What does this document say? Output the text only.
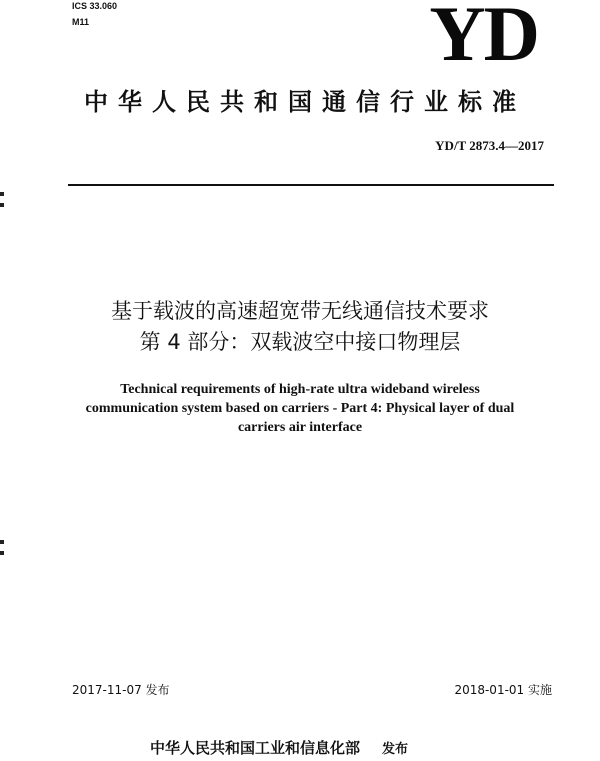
ICS 33.060
M11	YD
中华人民共和国通信行业标准
YD/T 2873.4—2017
基于载波的高速超宽带无线通信技术要求
第 4 部分：双载波空中接口物理层
Technical requirements of high-rate ultra wideband wireless
communication system based on carriers - Part 4: Physical layer of dual
carriers air interface
2017-11-07 发布	2018-01-01 实施
中华人民共和国工业和信息化部 发布
